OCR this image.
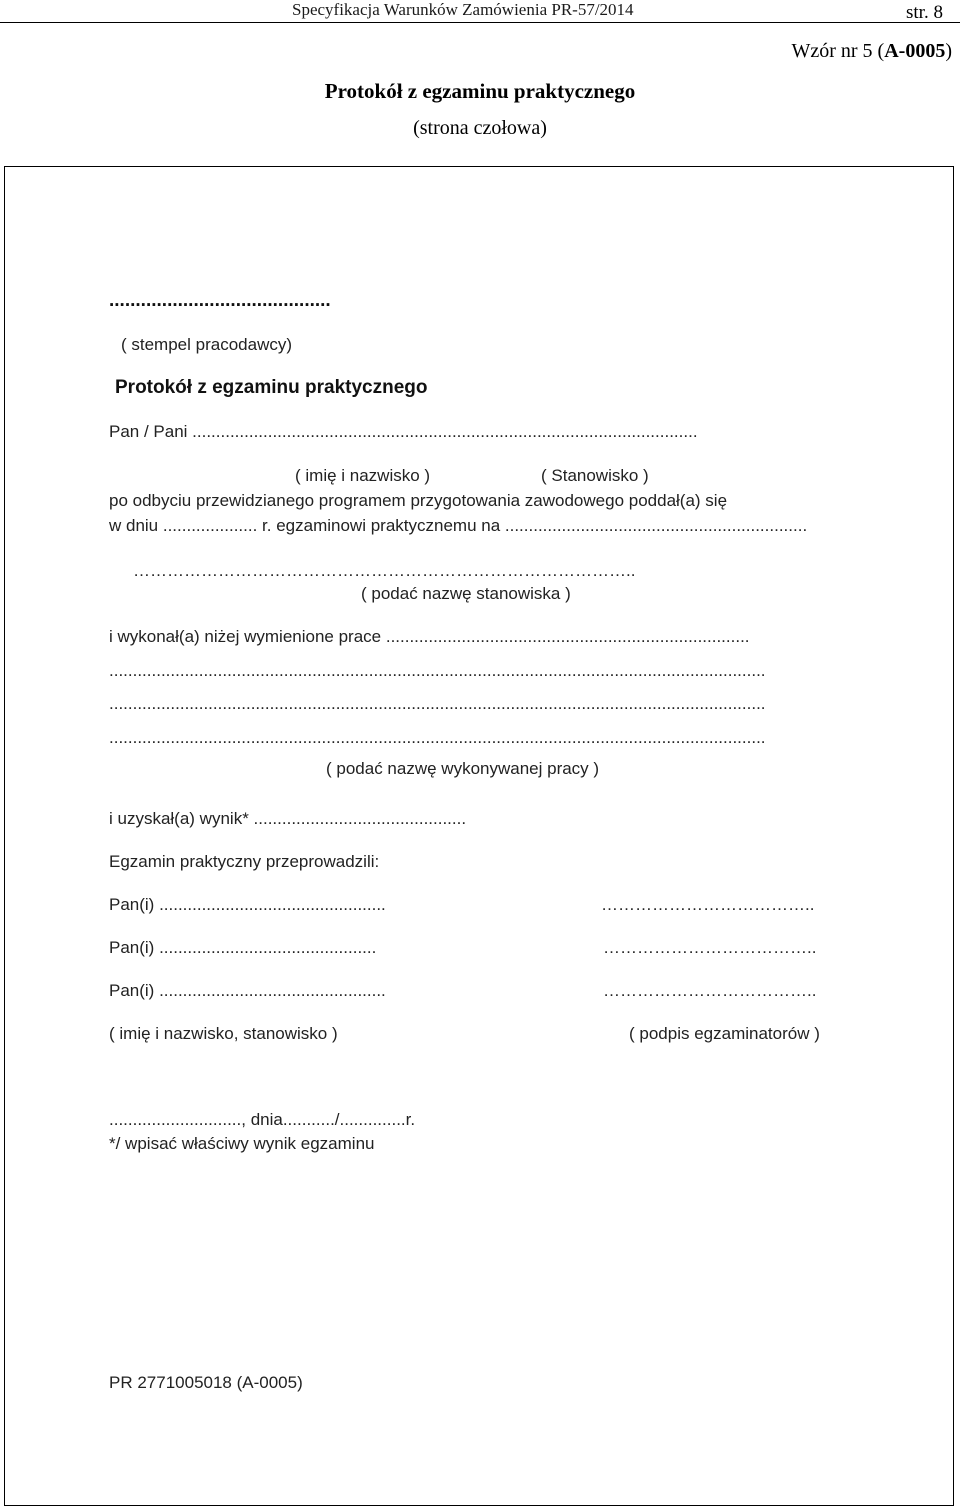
Specyfikacja Warunków Zamówienia PR-57/2014	str. 8
Wzór nr 5 (A-0005)
Protokół z egzaminu praktycznego
(strona czołowa)
..........................................
( stempel pracodawcy)
Protokół z egzaminu praktycznego
Pan / Pani ...........................................................................................................
( imię i nazwisko )	( Stanowisko )
po odbyciu przewidzianego programem przygotowania zawodowego poddał(a) się
w dniu .................... r. egzaminowi praktycznemu na ................................................................
……………………………………………………………………………..
( podać nazwę stanowiska )
i wykonał(a) niżej wymienione prace .............................................................................
...........................................................................................................................................
...........................................................................................................................................
...........................................................................................................................................
( podać nazwę wykonywanej pracy )
i uzyskał(a) wynik* .............................................
Egzamin praktyczny przeprowadzili:
Pan(i) ................................................	………………………………..
Pan(i) ..............................................	………………………………..
Pan(i) ................................................	………………………………..
( imię i nazwisko, stanowisko )	( podpis egzaminatorów )
............................, dnia.........../..............r.
*/ wpisać właściwy wynik egzaminu
PR 2771005018 (A-0005)
